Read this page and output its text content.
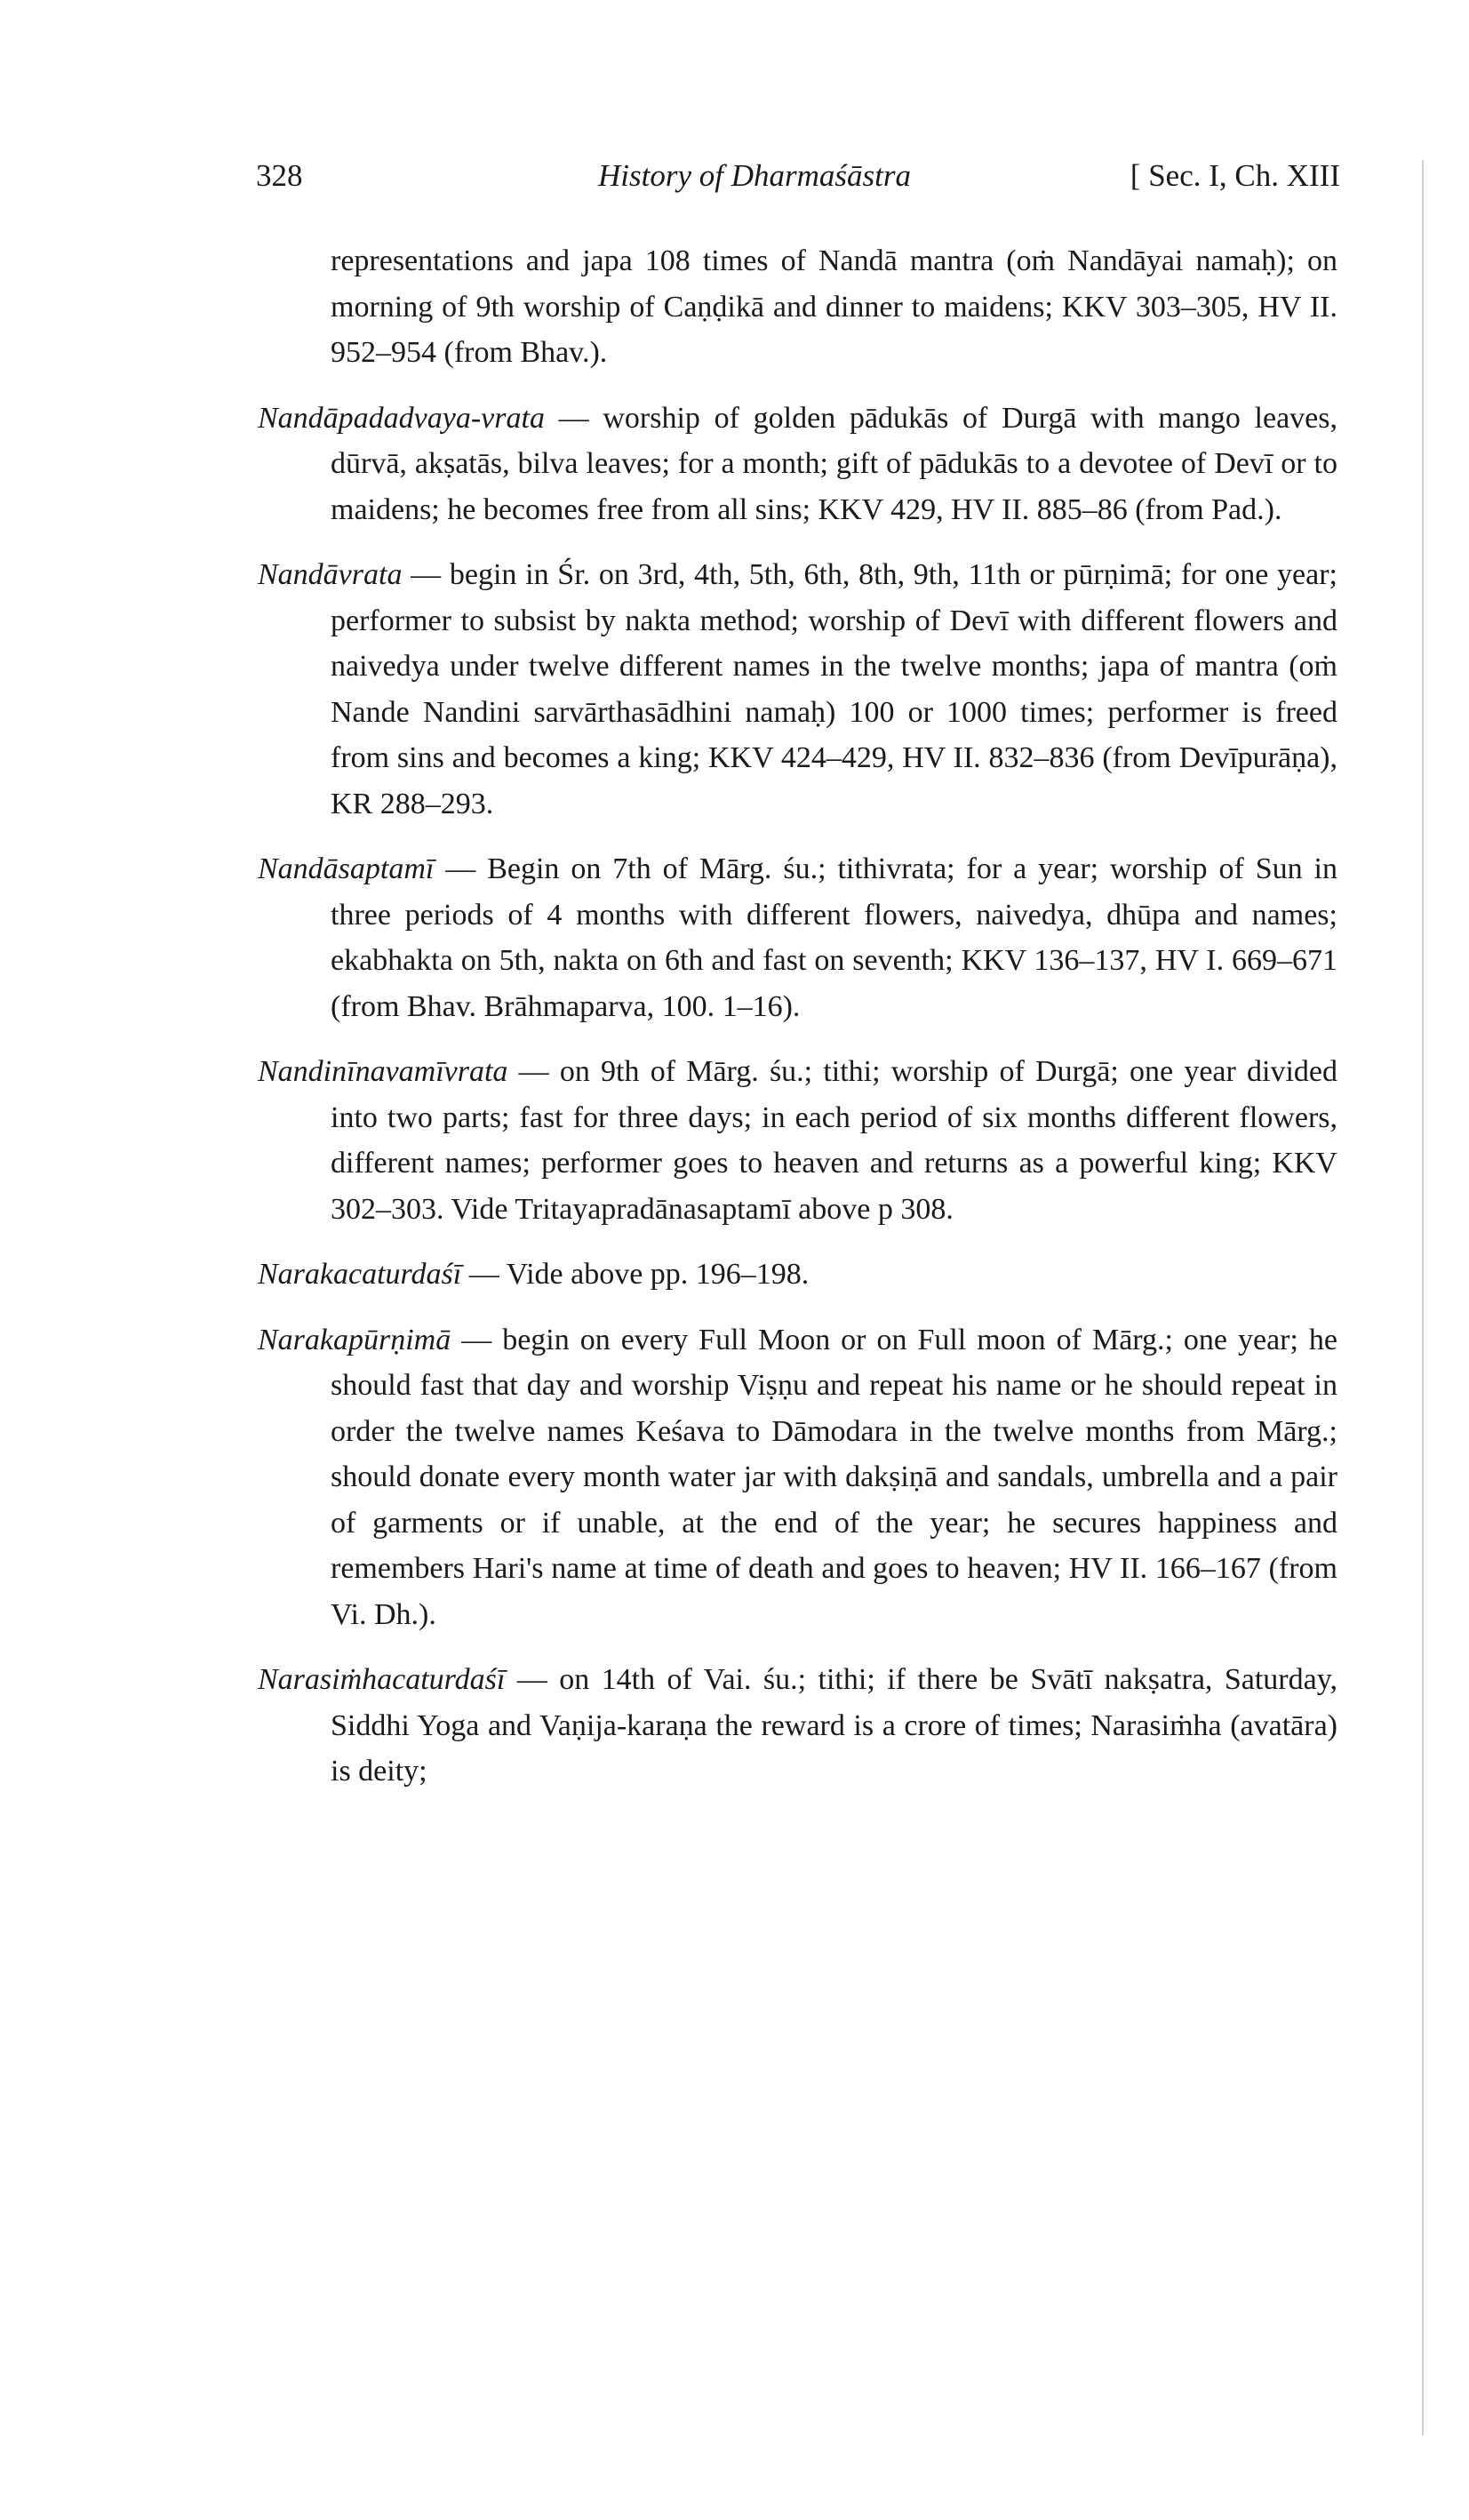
328	History of Dharmaśāstra	[ Sec. I, Ch. XIII

representations and japa 108 times of Nandā mantra (oṁ Nandāyai namaḥ); on morning of 9th worship of Caṇḍikā and dinner to maidens; KKV 303–305, HV II. 952–954 (from Bhav.).

Nandāpadadvaya-vrata — worship of golden pādukās of Durgā with mango leaves, dūrvā, akṣatās, bilva leaves; for a month; gift of pādukās to a devotee of Devī or to maidens; he becomes free from all sins; KKV 429, HV II. 885–86 (from Pad.).

Nandāvrata — begin in Śr. on 3rd, 4th, 5th, 6th, 8th, 9th, 11th or pūrṇimā; for one year; performer to subsist by nakta method; worship of Devī with different flowers and naivedya under twelve different names in the twelve months; japa of mantra (oṁ Nande Nandini sarvārthasādhini namaḥ) 100 or 1000 times; performer is freed from sins and becomes a king; KKV 424–429, HV II. 832–836 (from Devīpurāṇa), KR 288–293.

Nandāsaptamī — Begin on 7th of Mārg. śu.; tithivrata; for a year; worship of Sun in three periods of 4 months with different flowers, naivedya, dhūpa and names; ekabhakta on 5th, nakta on 6th and fast on seventh; KKV 136–137, HV I. 669–671 (from Bhav. Brāhmaparva, 100. 1–16).

Nandinīnavamīvrata — on 9th of Mārg. śu.; tithi; worship of Durgā; one year divided into two parts; fast for three days; in each period of six months different flowers, different names; performer goes to heaven and returns as a powerful king; KKV 302–303. Vide Tritayapradānasaptamī above p 308.

Narakacaturdaśī — Vide above pp. 196–198.

Narakapūrṇimā — begin on every Full Moon or on Full moon of Mārg.; one year; he should fast that day and worship Viṣṇu and repeat his name or he should repeat in order the twelve names Keśava to Dāmodara in the twelve months from Mārg.; should donate every month water jar with dakṣiṇā and sandals, umbrella and a pair of garments or if unable, at the end of the year; he secures happiness and remembers Hari's name at time of death and goes to heaven; HV II. 166–167 (from Vi. Dh.).

Narasiṁhacaturdaśī — on 14th of Vai. śu.; tithi; if there be Svātī nakṣatra, Saturday, Siddhi Yoga and Vaṇija-karaṇa the reward is a crore of times; Narasiṁha (avatāra) is deity;
